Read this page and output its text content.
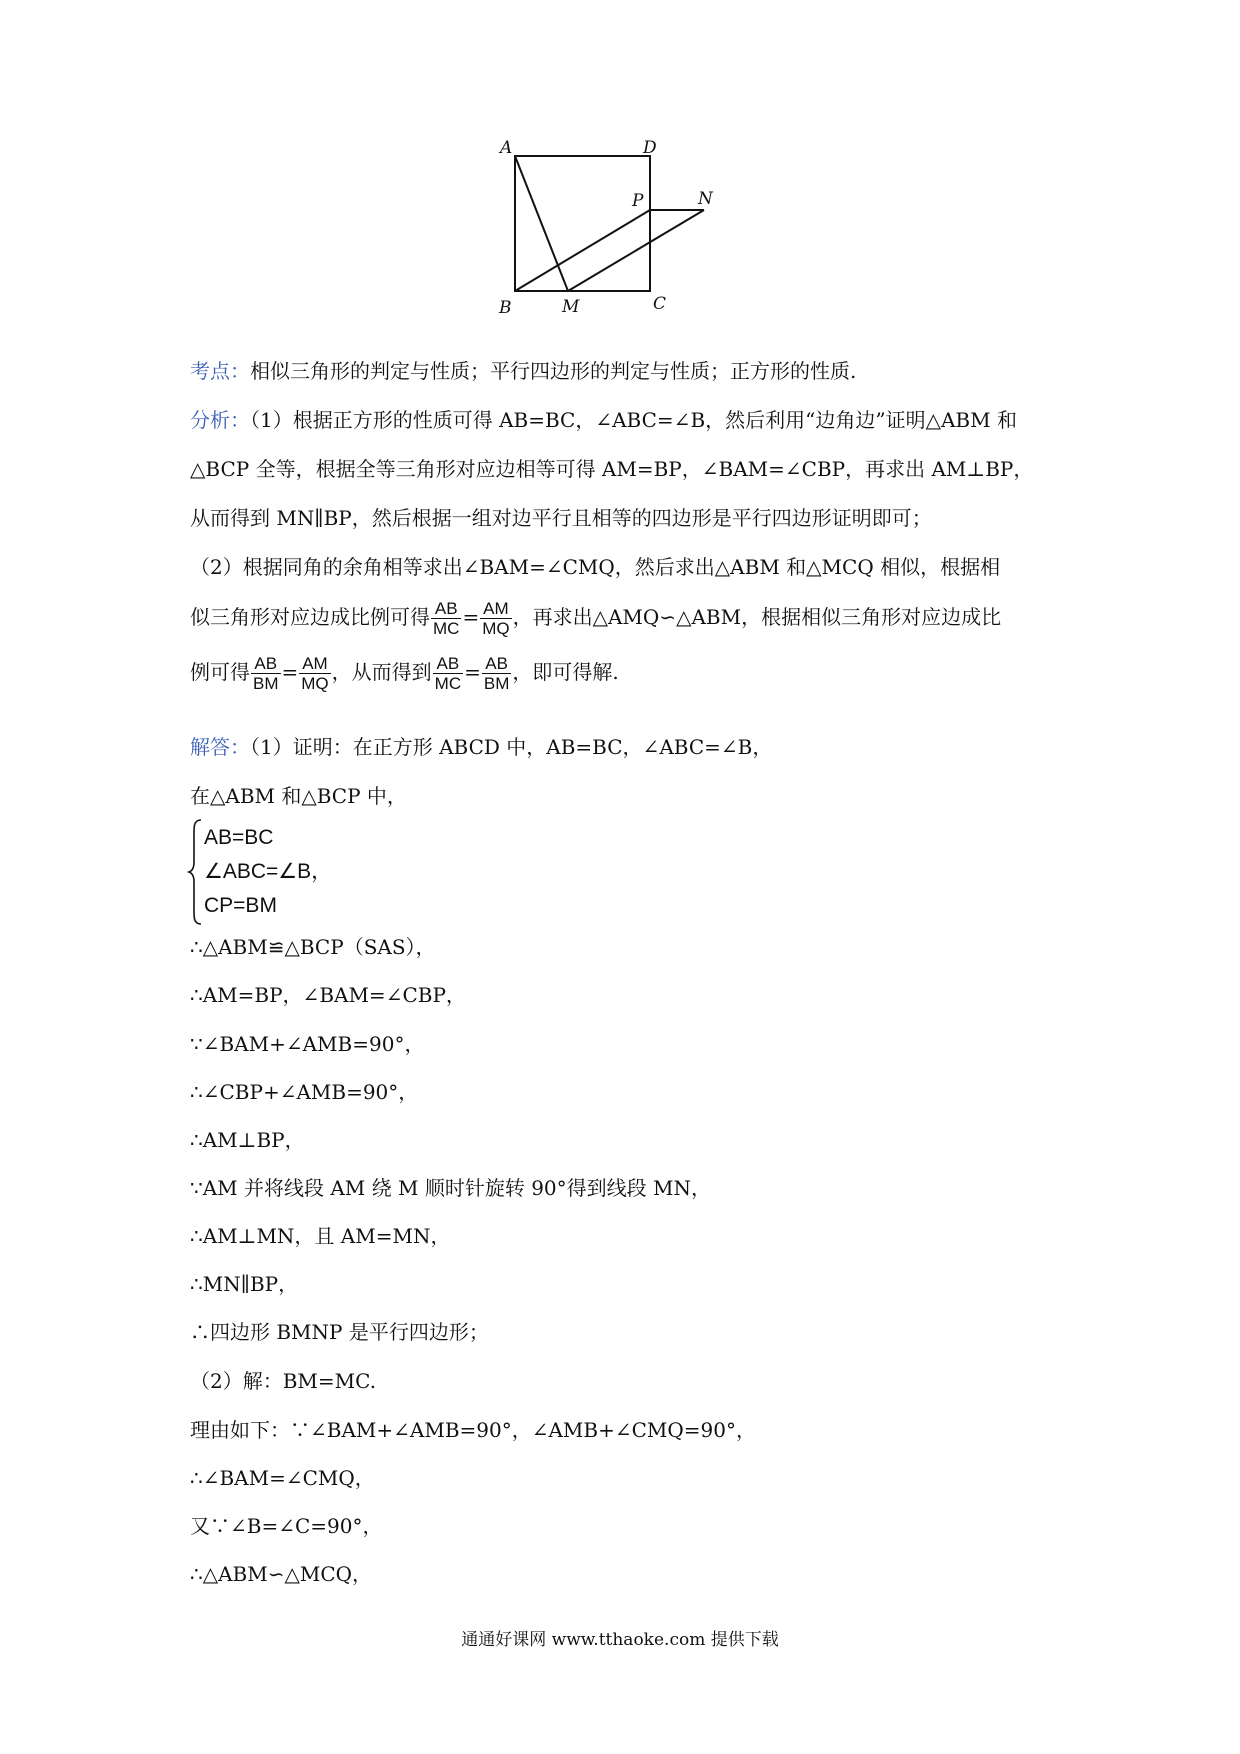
A	D
P	N
B	M	C
考点：相似三角形的判定与性质；平行四边形的判定与性质；正方形的性质.
分析：（1）根据正方形的性质可得 AB=BC，∠ABC=∠B，然后利用“边角边”证明△ABM 和
△BCP 全等，根据全等三角形对应边相等可得 AM=BP，∠BAM=∠CBP，再求出 AM⊥BP，
从而得到 MN∥BP，然后根据一组对边平行且相等的四边形是平行四边形证明即可；
（2）根据同角的余角相等求出∠BAM=∠CMQ，然后求出△ABM 和△MCQ 相似，根据相
似三角形对应边成比例可得 $\frac{AB}{MC} = \frac{AM}{MQ}$ ，再求出△AMQ∽△ABM，根据相似三角形对应边成比
例可得 $\frac{AB}{BM} = \frac{AM}{MQ}$ ，从而得到 $\frac{AB}{MC} = \frac{AB}{BM}$ ，即可得解.
解答：（1）证明：在正方形 ABCD 中，AB=BC，∠ABC=∠B，
在△ABM 和△BCP 中，
AB=BC
∠ABC=∠B，
CP=BM
∴△ABM≌△BCP（SAS），
∴AM=BP，∠BAM=∠CBP，
∵∠BAM+∠AMB=90°，
∴∠CBP+∠AMB=90°，
∴AM⊥BP，
∵AM 并将线段 AM 绕 M 顺时针旋转 90°得到线段 MN，
∴AM⊥MN，且 AM=MN，
∴MN∥BP，
∴四边形 BMNP 是平行四边形；
（2）解：BM=MC.
理由如下：∵∠BAM+∠AMB=90°，∠AMB+∠CMQ=90°，
∴∠BAM=∠CMQ，
又∵∠B=∠C=90°，
∴△ABM∽△MCQ，
通通好课网 www.tthaoke.com 提供下载
